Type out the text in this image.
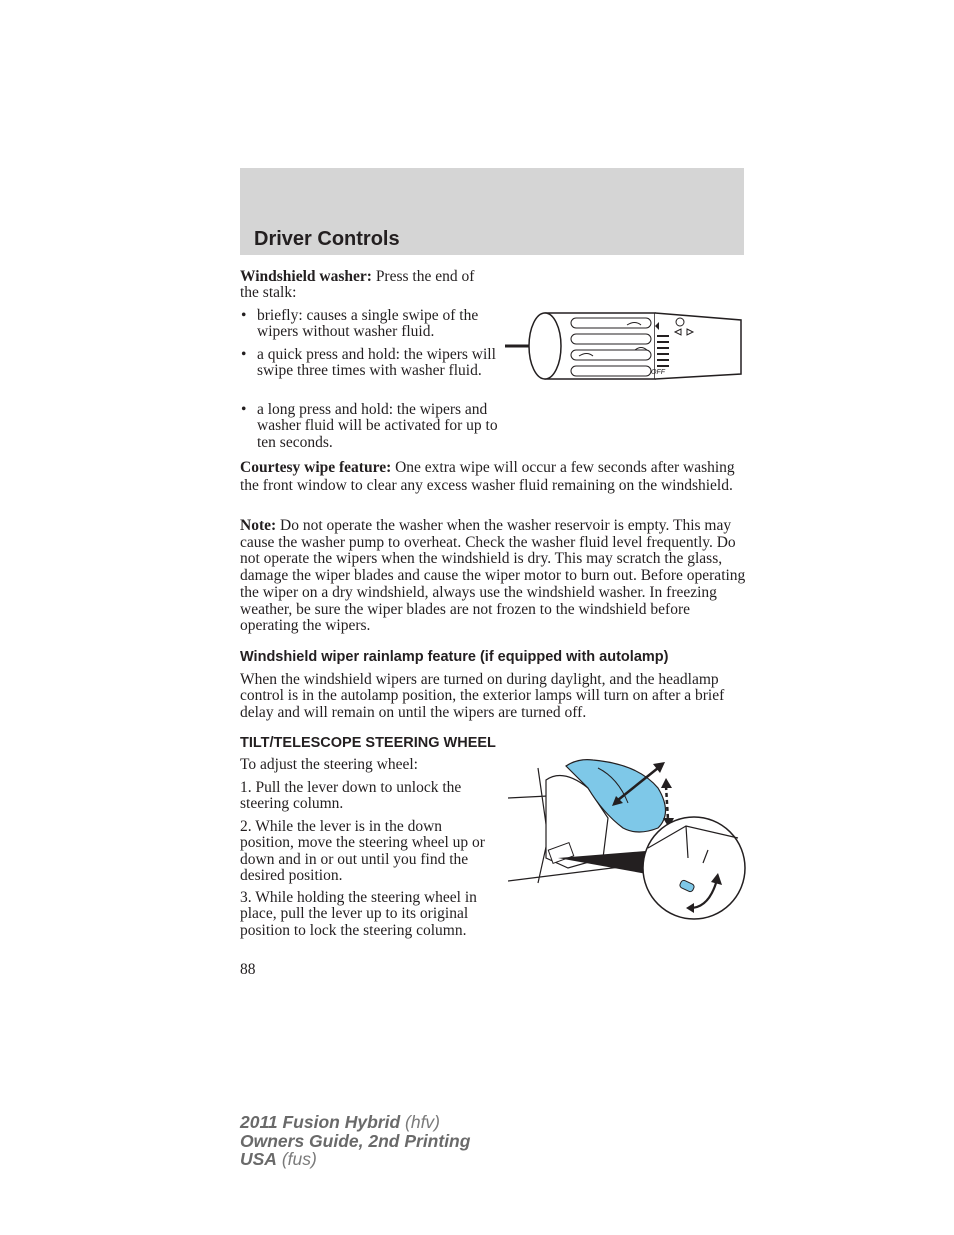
Driver Controls

Windshield washer: Press the end of the stalk:

• briefly: causes a single swipe of the wipers without washer fluid.

• a quick press and hold: the wipers will swipe three times with washer fluid.

• a long press and hold: the wipers and washer fluid will be activated for up to ten seconds.

OFF

Courtesy wipe feature: One extra wipe will occur a few seconds after washing the front window to clear any excess washer fluid remaining on the windshield.

Note: Do not operate the washer when the washer reservoir is empty. This may cause the washer pump to overheat. Check the washer fluid level frequently. Do not operate the wipers when the windshield is dry. This may scratch the glass, damage the wiper blades and cause the wiper motor to burn out. Before operating the wiper on a dry windshield, always use the windshield washer. In freezing weather, be sure the wiper blades are not frozen to the windshield before operating the wipers.

Windshield wiper rainlamp feature (if equipped with autolamp)

When the windshield wipers are turned on during daylight, and the headlamp control is in the autolamp position, the exterior lamps will turn on after a brief delay and will remain on until the wipers are turned off.

TILT/TELESCOPE STEERING WHEEL

To adjust the steering wheel:

1. Pull the lever down to unlock the steering column.

2. While the lever is in the down position, move the steering wheel up or down and in or out until you find the desired position.

3. While holding the steering wheel in place, pull the lever up to its original position to lock the steering column.

88

2011 Fusion Hybrid (hfv)
Owners Guide, 2nd Printing
USA (fus)
